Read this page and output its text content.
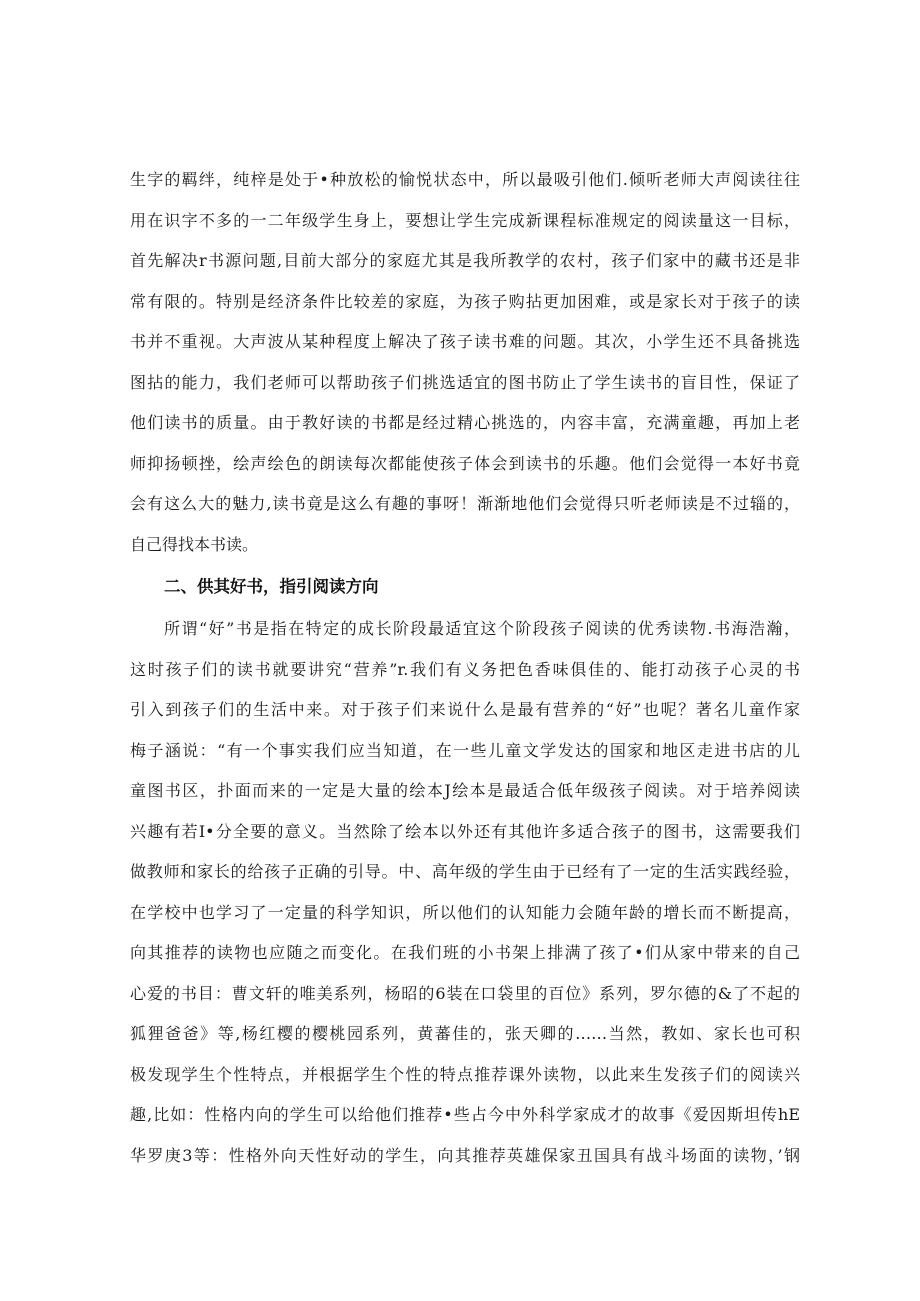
生字的羁绊，纯梓是处于•种放松的愉悦状态中，所以最吸引他们.倾听老师大声阅读往往
用在识字不多的一二年级学生身上，要想让学生完成新课程标准规定的阅读量这一目标，
首先解决r书源问题,目前大部分的家庭尤其是我所教学的农村，孩子们家中的藏书还是非
常有限的。特别是经济条件比较差的家庭，为孩子购拈更加困难，或是家长对于孩子的读
书并不重视。大声波从某种程度上解决了孩子读书难的问题。其次，小学生还不具备挑选
图拈的能力，我们老师可以帮助孩子们挑选适宜的图书防止了学生读书的盲目性，保证了
他们读书的质量。由于教好读的书都是经过精心挑选的，内容丰富，充满童趣，再加上老
师抑扬顿挫，绘声绘色的朗读每次都能使孩子体会到读书的乐趣。他们会觉得一本好书竟
会有这么大的魅力,读书竟是这么有趣的事呀！渐渐地他们会觉得只听老师读是不过辎的，
自己得找本书读。
二、供其好书，指引阅读方向
所谓“好”书是指在特定的成长阶段最适宜这个阶段孩子阅读的优秀读物.书海浩瀚，
这时孩子们的读书就要讲究“营养”r.我们有义务把色香味俱佳的、能打动孩子心灵的书
引入到孩子们的生活中来。对于孩子们来说什么是最有营养的“好”也呢？著名儿童作家
梅子涵说：“有一个事实我们应当知道，在一些儿童文学发达的国家和地区走进书店的儿
童图书区，扑面而来的一定是大量的绘本J绘本是最适合低年级孩子阅读。对于培养阅读
兴趣有若I•分全要的意义。当然除了绘本以外还有其他许多适合孩子的图书，这需要我们
做教师和家长的给孩子正确的引导。中、高年级的学生由于已经有了一定的生活实践经验，
在学校中也学习了一定量的科学知识，所以他们的认知能力会随年龄的增长而不断提高，
向其推荐的读物也应随之而变化。在我们班的小书架上排满了孩了•们从家中带来的自己
心爱的书目：曹文轩的唯美系列，杨昭的6装在口袋里的百位》系列，罗尔德的&了不起的
狐狸爸爸》等,杨红樱的樱桃园系列，黄蕃佳的，张天卿的……当然，教如、家长也可积
极发现学生个性特点，并根据学生个性的特点推荐课外读物，以此来生发孩子们的阅读兴
趣,比如：性格内向的学生可以给他们推荐•些占今中外科学家成才的故事《爱因斯坦传hE
华罗庚3等：性格外向天性好动的学生，向其推荐英雄保家丑国具有战斗场面的读物，’钢
